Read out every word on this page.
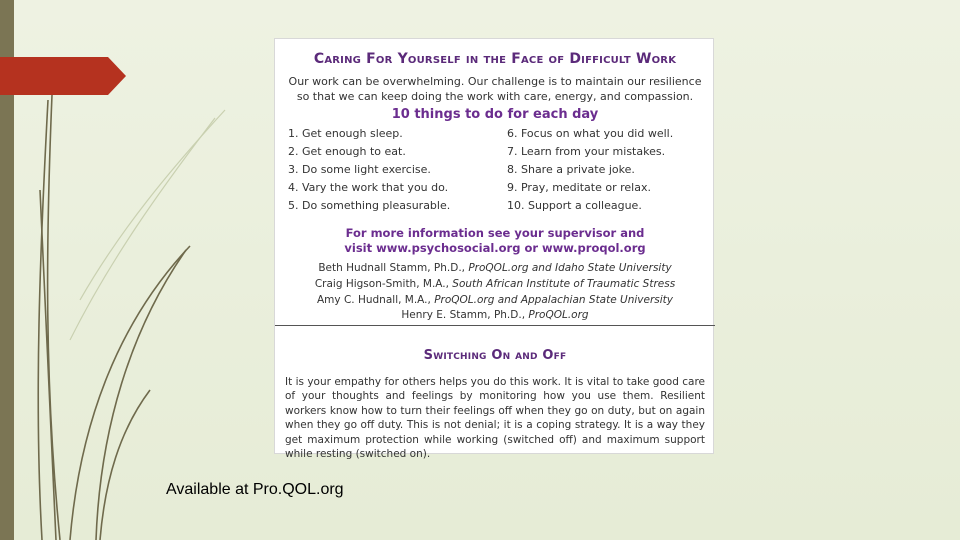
Caring For Yourself in the Face of Difficult Work
Our work can be overwhelming. Our challenge is to maintain our resilience so that we can keep doing the work with care, energy, and compassion.
10 things to do for each day
1. Get enough sleep.
2. Get enough to eat.
3. Do some light exercise.
4. Vary the work that you do.
5. Do something pleasurable.
6. Focus on what you did well.
7. Learn from your mistakes.
8. Share a private joke.
9. Pray, meditate or relax.
10. Support a colleague.
For more information see your supervisor and
visit www.psychosocial.org or www.proqol.org
Beth Hudnall Stamm, Ph.D., ProQOL.org and Idaho State University
Craig Higson-Smith, M.A., South African Institute of Traumatic Stress
Amy C. Hudnall, M.A., ProQOL.org and Appalachian State University
Henry E. Stamm, Ph.D., ProQOL.org
Switching On and Off
It is your empathy for others helps you do this work. It is vital to take good care of your thoughts and feelings by monitoring how you use them. Resilient workers know how to turn their feelings off when they go on duty, but on again when they go off duty. This is not denial; it is a coping strategy. It is a way they get maximum protection while working (switched off) and maximum support while resting (switched on).
Available at Pro.QOL.org
